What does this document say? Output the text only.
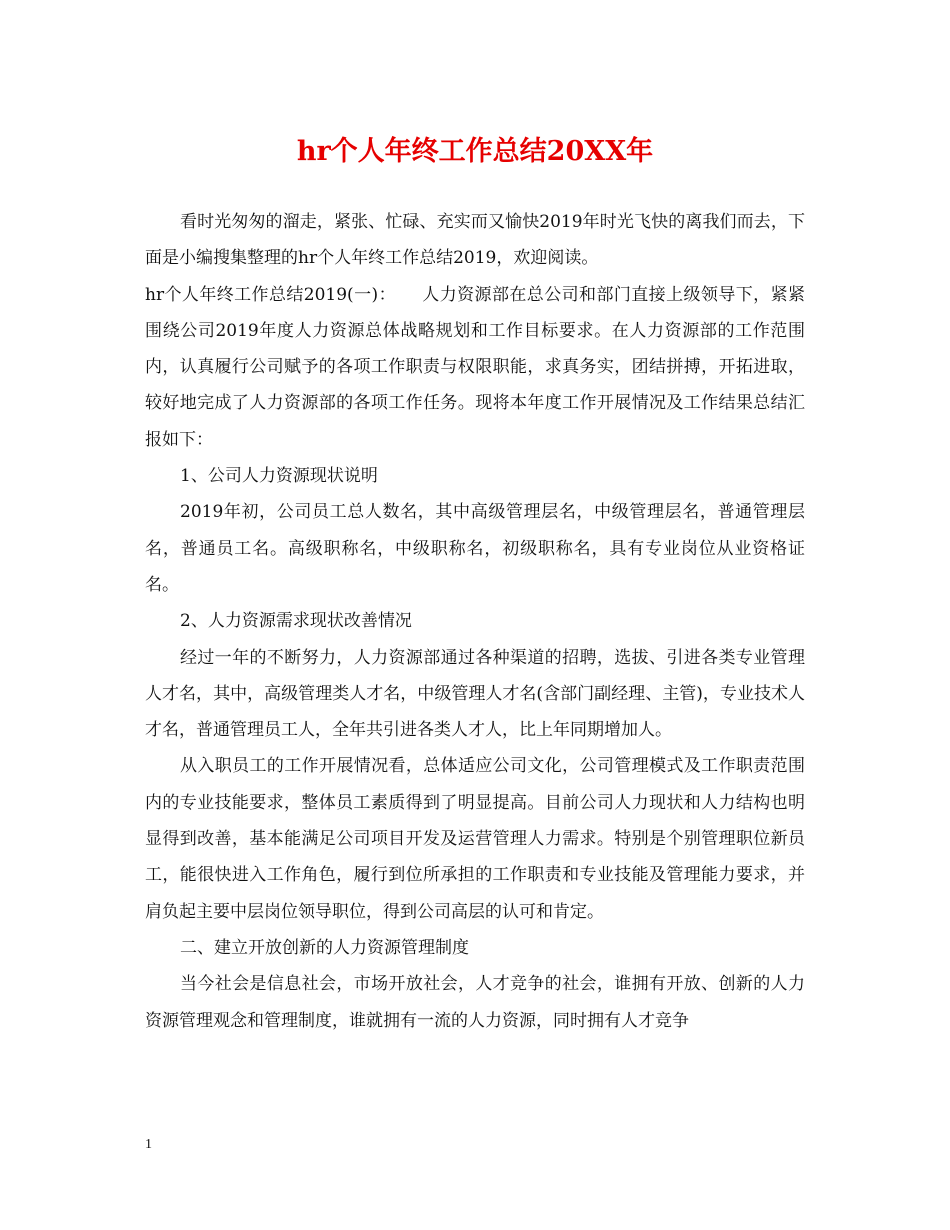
hr个人年终工作总结20XX年

看时光匆匆的溜走，紧张、忙碌、充实而又愉快2019年时光飞快的离我们而去，下面是小编搜集整理的hr个人年终工作总结2019，欢迎阅读。

hr个人年终工作总结2019(一)：　　人力资源部在总公司和部门直接上级领导下，紧紧围绕公司2019年度人力资源总体战略规划和工作目标要求。在人力资源部的工作范围内，认真履行公司赋予的各项工作职责与权限职能，求真务实，团结拼搏，开拓进取，较好地完成了人力资源部的各项工作任务。现将本年度工作开展情况及工作结果总结汇报如下：

1、公司人力资源现状说明

2019年初，公司员工总人数名，其中高级管理层名，中级管理层名，普通管理层名，普通员工名。高级职称名，中级职称名，初级职称名，具有专业岗位从业资格证名。

2、人力资源需求现状改善情况

经过一年的不断努力，人力资源部通过各种渠道的招聘，选拔、引进各类专业管理人才名，其中，高级管理类人才名，中级管理人才名(含部门副经理、主管)，专业技术人才名，普通管理员工人，全年共引进各类人才人，比上年同期增加人。

从入职员工的工作开展情况看，总体适应公司文化，公司管理模式及工作职责范围内的专业技能要求，整体员工素质得到了明显提高。目前公司人力现状和人力结构也明显得到改善，基本能满足公司项目开发及运营管理人力需求。特别是个别管理职位新员工，能很快进入工作角色，履行到位所承担的工作职责和专业技能及管理能力要求，并肩负起主要中层岗位领导职位，得到公司高层的认可和肯定。

二、建立开放创新的人力资源管理制度

当今社会是信息社会，市场开放社会，人才竞争的社会，谁拥有开放、创新的人力资源管理观念和管理制度，谁就拥有一流的人力资源，同时拥有人才竞争

1
